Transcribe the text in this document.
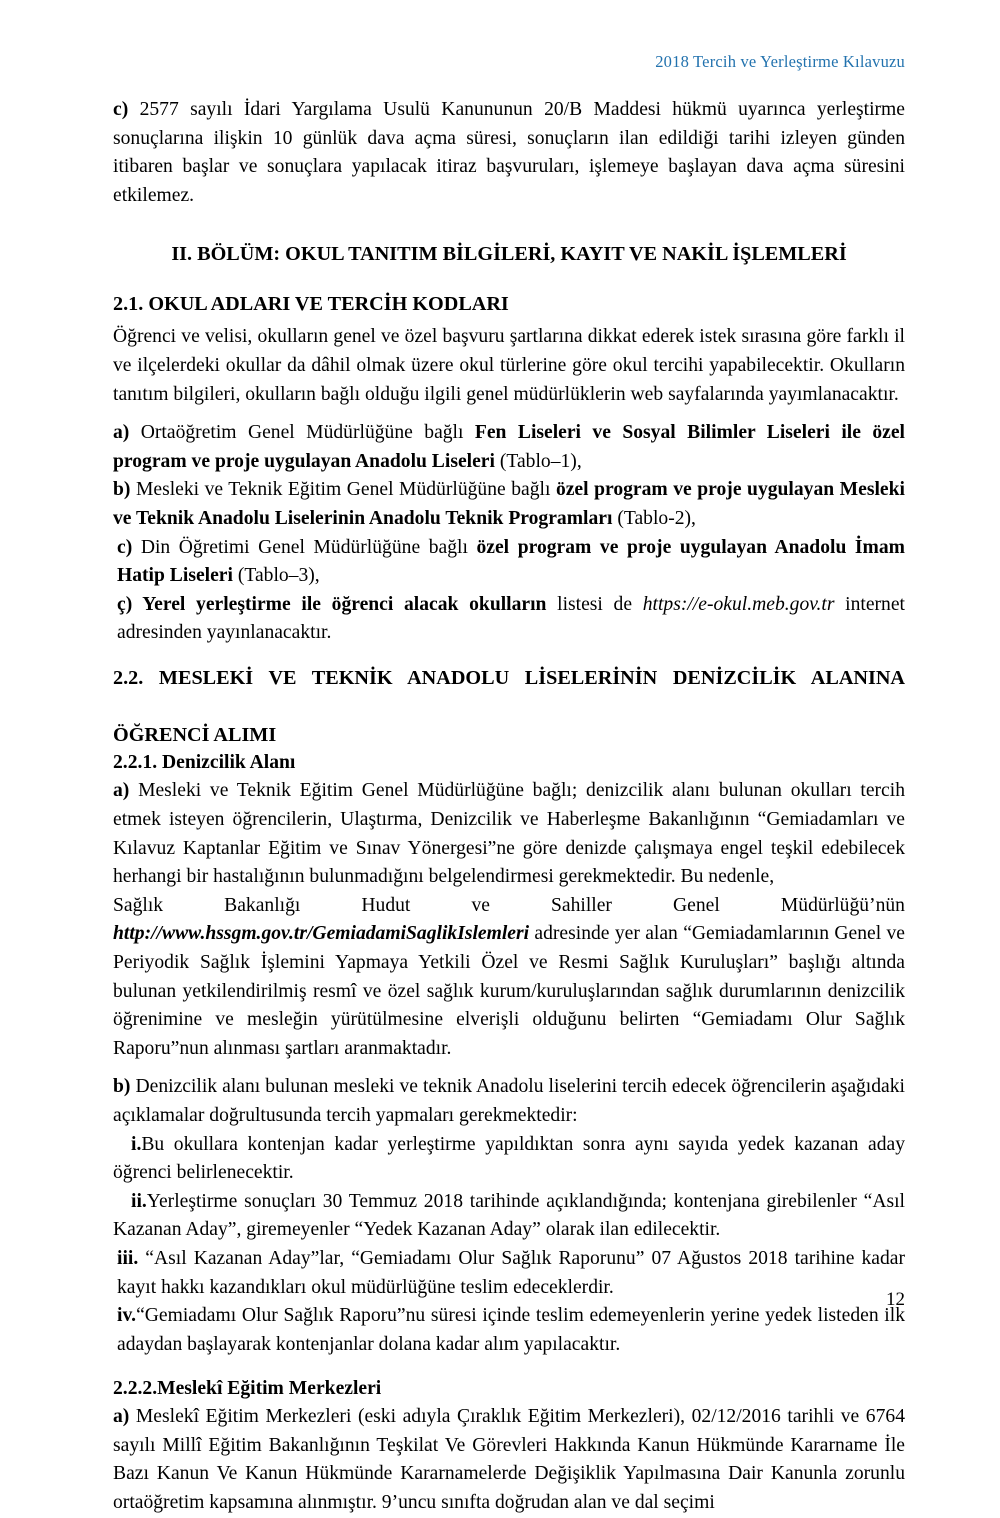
2018 Tercih ve Yerleştirme Kılavuzu

c) 2577 sayılı İdari Yargılama Usulü Kanununun 20/B Maddesi hükmü uyarınca yerleştirme sonuçlarına ilişkin 10 günlük dava açma süresi, sonuçların ilan edildiği tarihi izleyen günden itibaren başlar ve sonuçlara yapılacak itiraz başvuruları, işlemeye başlayan dava açma süresini etkilemez.

II. BÖLÜM: OKUL TANITIM BİLGİLERİ, KAYIT VE NAKİL İŞLEMLERİ

2.1. OKUL ADLARI VE TERCİH KODLARI

Öğrenci ve velisi, okulların genel ve özel başvuru şartlarına dikkat ederek istek sırasına göre farklı il ve ilçelerdeki okullar da dâhil olmak üzere okul türlerine göre okul tercihi yapabilecektir. Okulların tanıtım bilgileri, okulların bağlı olduğu ilgili genel müdürlüklerin web sayfalarında yayımlanacaktır.

a) Ortaöğretim Genel Müdürlüğüne bağlı Fen Liseleri ve Sosyal Bilimler Liseleri ile özel program ve proje uygulayan Anadolu Liseleri (Tablo–1),

b) Mesleki ve Teknik Eğitim Genel Müdürlüğüne bağlı özel program ve proje uygulayan Mesleki ve Teknik Anadolu Liselerinin Anadolu Teknik Programları (Tablo-2),

c) Din Öğretimi Genel Müdürlüğüne bağlı özel program ve proje uygulayan Anadolu İmam Hatip Liseleri (Tablo–3),

ç) Yerel yerleştirme ile öğrenci alacak okulların listesi de https://e-okul.meb.gov.tr internet adresinden yayınlanacaktır.

2.2. MESLEKİ VE TEKNİK ANADOLU LİSELERİNİN DENİZCİLİK ALANINA
ÖĞRENCİ ALIMI

2.2.1. Denizcilik Alanı

a) Mesleki ve Teknik Eğitim Genel Müdürlüğüne bağlı; denizcilik alanı bulunan okulları tercih etmek isteyen öğrencilerin, Ulaştırma, Denizcilik ve Haberleşme Bakanlığının “Gemiadamları ve Kılavuz Kaptanlar Eğitim ve Sınav Yönergesi”ne göre denizde çalışmaya engel teşkil edebilecek herhangi bir hastalığının bulunmadığını belgelendirmesi gerekmektedir. Bu nedenle,

Sağlık	Bakanlığı	Hudut	ve	Sahiller	Genel	Müdürlüğü’nün

http://www.hssgm.gov.tr/GemiadamiSaglikIslemleri adresinde yer alan “Gemiadamlarının Genel ve Periyodik Sağlık İşlemini Yapmaya Yetkili Özel ve Resmi Sağlık Kuruluşları” başlığı altında bulunan yetkilendirilmiş resmî ve özel sağlık kurum/kuruluşlarından sağlık durumlarının denizcilik öğrenimine ve mesleğin yürütülmesine elverişli olduğunu belirten “Gemiadamı Olur Sağlık Raporu”nun alınması şartları aranmaktadır.

b) Denizcilik alanı bulunan mesleki ve teknik Anadolu liselerini tercih edecek öğrencilerin aşağıdaki açıklamalar doğrultusunda tercih yapmaları gerekmektedir:

i.Bu okullara kontenjan kadar yerleştirme yapıldıktan sonra aynı sayıda yedek kazanan aday öğrenci belirlenecektir.

ii.Yerleştirme sonuçları 30 Temmuz 2018 tarihinde açıklandığında; kontenjana girebilenler “Asıl Kazanan Aday”, giremeyenler “Yedek Kazanan Aday” olarak ilan edilecektir.

iii. “Asıl Kazanan Aday”lar, “Gemiadamı Olur Sağlık Raporunu” 07 Ağustos 2018 tarihine kadar kayıt hakkı kazandıkları okul müdürlüğüne teslim edeceklerdir.

iv.“Gemiadamı Olur Sağlık Raporu”nu süresi içinde teslim edemeyenlerin yerine yedek listeden ilk adaydan başlayarak kontenjanlar dolana kadar alım yapılacaktır.

2.2.2.Meslekî Eğitim Merkezleri

a) Meslekî Eğitim Merkezleri (eski adıyla Çıraklık Eğitim Merkezleri), 02/12/2016 tarihli ve 6764 sayılı Millî Eğitim Bakanlığının Teşkilat Ve Görevleri Hakkında Kanun Hükmünde Kararname İle Bazı Kanun Ve Kanun Hükmünde Kararnamelerde Değişiklik Yapılmasına Dair Kanunla zorunlu ortaöğretim kapsamına alınmıştır. 9’uncu sınıfta doğrudan alan ve dal seçimi

12
